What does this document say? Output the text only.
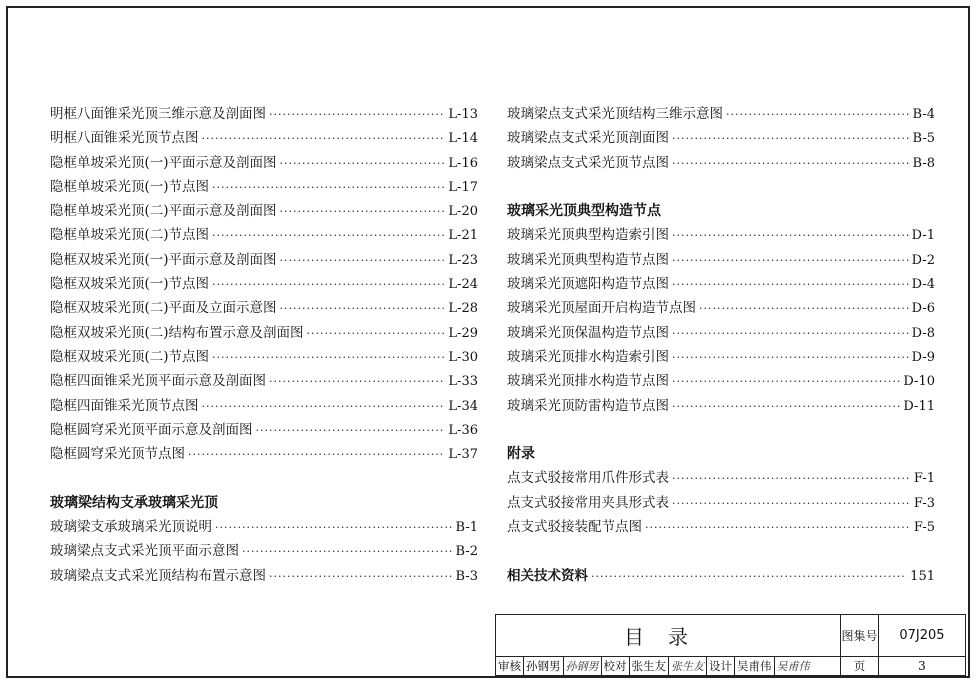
明框八面锥采光顶三维示意及剖面图 ·····	L-13
明框八面锥采光顶节点图 ·····	L-14
隐框单坡采光顶(一)平面示意及剖面图 ·····	L-16
隐框单坡采光顶(一)节点图 ·····	L-17
隐框单坡采光顶(二)平面示意及剖面图 ·····	L-20
隐框单坡采光顶(二)节点图 ·····	L-21
隐框双坡采光顶(一)平面示意及剖面图 ·····	L-23
隐框双坡采光顶(一)节点图 ·····	L-24
隐框双坡采光顶(二)平面及立面示意图 ·····	L-28
隐框双坡采光顶(二)结构布置示意及剖面图 ·····	L-29
隐框双坡采光顶(二)节点图 ·····	L-30
隐框四面锥采光顶平面示意及剖面图 ·····	L-33
隐框四面锥采光顶节点图 ·····	L-34
隐框圆穹采光顶平面示意及剖面图 ·····	L-36
隐框圆穹采光顶节点图 ·····	L-37
玻璃梁结构支承玻璃采光顶
玻璃梁支承玻璃采光顶说明 ·····	B-1
玻璃梁点支式采光顶平面示意图 ·····	B-2
玻璃梁点支式采光顶结构布置示意图 ·····	B-3
玻璃梁点支式采光顶结构三维示意图 ·····	B-4
玻璃梁点支式采光顶剖面图 ·····	B-5
玻璃梁点支式采光顶节点图 ·····	B-8
玻璃采光顶典型构造节点
玻璃采光顶典型构造索引图 ·····	D-1
玻璃采光顶典型构造节点图 ·····	D-2
玻璃采光顶遮阳构造节点图 ·····	D-4
玻璃采光顶屋面开启构造节点图 ·····	D-6
玻璃采光顶保温构造节点图 ·····	D-8
玻璃采光顶排水构造索引图 ·····	D-9
玻璃采光顶排水构造节点图 ·····	D-10
玻璃采光顶防雷构造节点图 ·····	D-11
附录
点支式驳接常用爪件形式表 ·····	F-1
点支式驳接常用夹具形式表 ·····	F-3
点支式驳接装配节点图 ·····	F-5
相关技术资料 ·····	151
目录	图集号	07J205
审核 孙钢男 孙钢男 校对 张生友 张生友 设计 吴甫伟 吴甫伟	页	3
